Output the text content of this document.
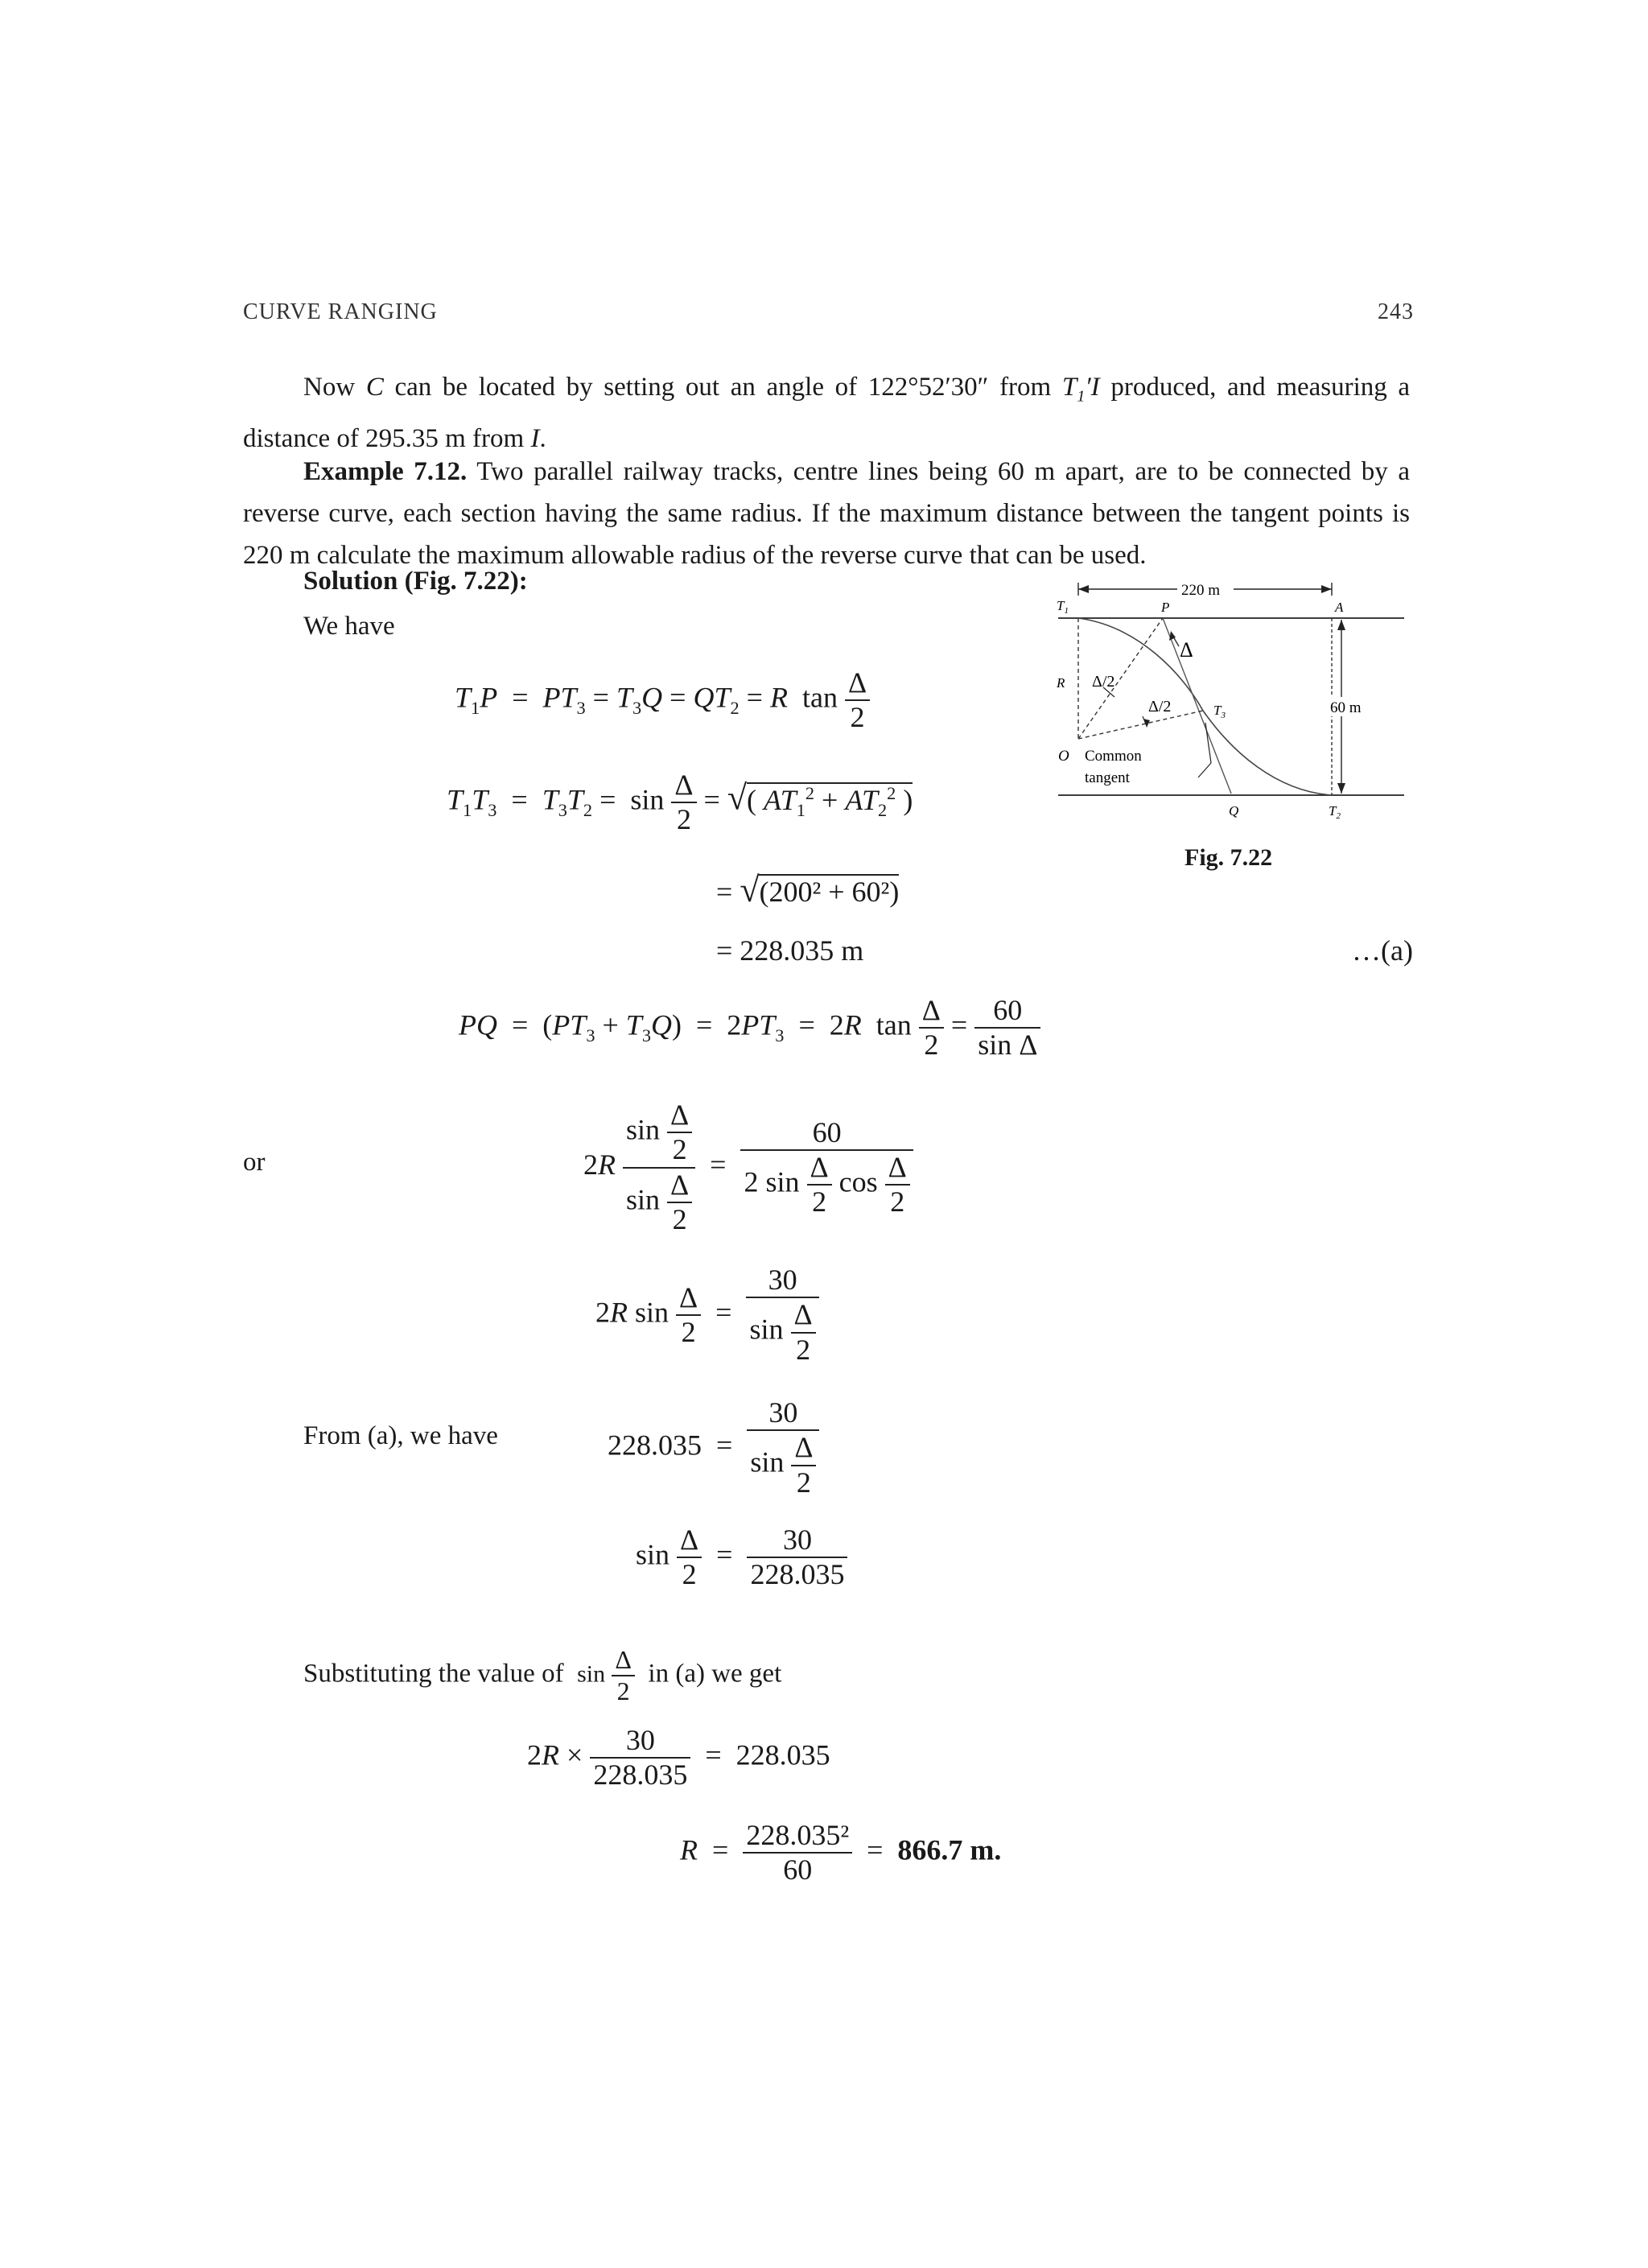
CURVE RANGING	243
Now C can be located by setting out an angle of 122°52′30″ from $T_1'I$ produced, and measuring a distance of 295.35 m from I.
Example 7.12. Two parallel railway tracks, centre lines being 60 m apart, are to be connected by a reverse curve, each section having the same radius. If the maximum distance between the tangent points is 220 m calculate the maximum allowable radius of the reverse curve that can be used.
Solution (Fig. 7.22):
We have
220 m
60 m
Δ
Δ/2
Δ/2
$T_1$	P	A
R
$T_3$
O Common
tangent
Q	$T_2$
Fig. 7.22
$T_1P = PT_3 = T_3Q = QT_2 = R$ $\tan \frac{\Delta}{2}$
$T_1T_3 = T_3T_2 = \sin \frac{\Delta}{2}$ = √( $AT_1^2 + AT_2^2$ )
= √(200² + 60²)
= 228.035 m	…(a)
PQ  =  $(PT_3 + T_3Q) = 2PT_3 = 2R$ $\tan \frac{\Delta}{2} = \frac{60}{\text{sin Δ}}$
or	$2R \frac{\sin \frac{\Delta}{2}}{\sin \frac{\Delta}{2}} = \frac{60}{2 \sin \frac{\Delta}{2} \cos \frac{\Delta}{2}}$
2R $\sin \frac{\Delta}{2} = \frac{30}{\sin \frac{\Delta}{2}}$
From (a), we have	$228.035 = \frac{30}{\sin \frac{\Delta}{2}}$
$\sin \frac{\Delta}{2} = \frac{30}{228.035}$
Substituting the value of $\sin \frac{\Delta}{2}$ in (a) we get
$2R \times \frac{30}{228.035} = 228.035$
$R = \frac{\text{228.035²}}{60} = 866.7$ m.
